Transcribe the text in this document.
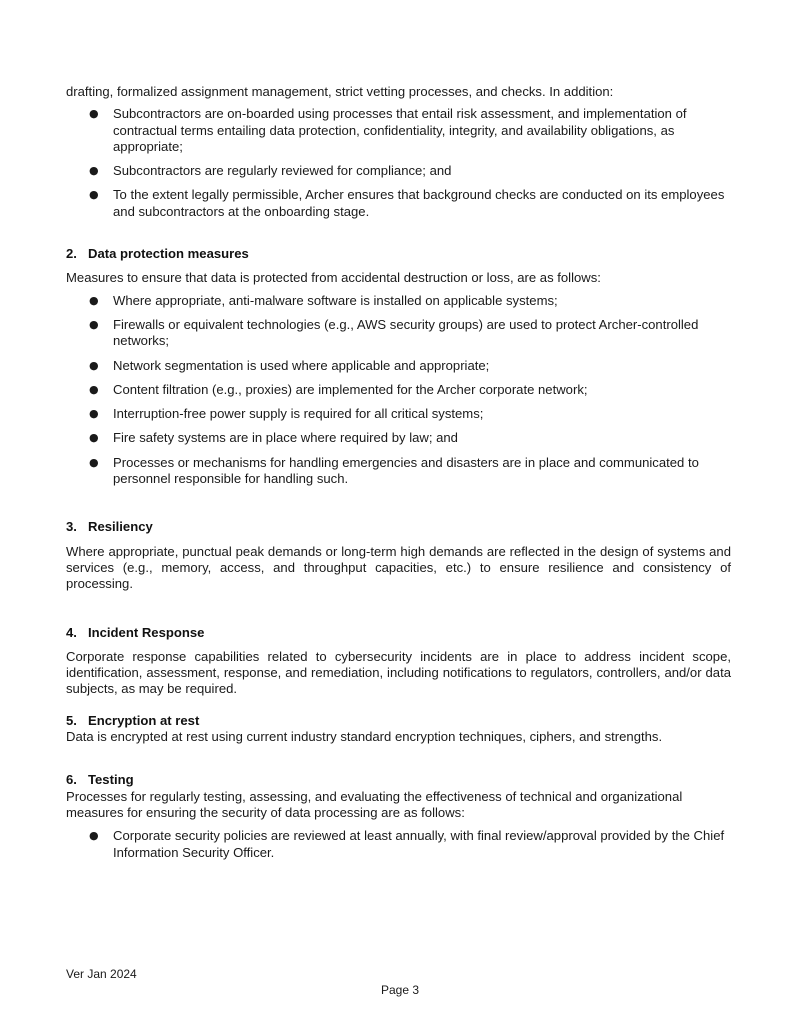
drafting, formalized assignment management, strict vetting processes, and checks. In addition:

● Subcontractors are on-boarded using processes that entail risk assessment, and implementation of contractual terms entailing data protection, confidentiality, integrity, and availability obligations, as appropriate;
● Subcontractors are regularly reviewed for compliance; and
● To the extent legally permissible, Archer ensures that background checks are conducted on its employees and subcontractors at the onboarding stage.
2. Data protection measures

Measures to ensure that data is protected from accidental destruction or loss, are as follows:

● Where appropriate, anti-malware software is installed on applicable systems;
● Firewalls or equivalent technologies (e.g., AWS security groups) are used to protect Archer-controlled networks;
● Network segmentation is used where applicable and appropriate;
● Content filtration (e.g., proxies) are implemented for the Archer corporate network;
● Interruption-free power supply is required for all critical systems;
● Fire safety systems are in place where required by law; and
● Processes or mechanisms for handling emergencies and disasters are in place and communicated to personnel responsible for handling such.
3. Resiliency

Where appropriate, punctual peak demands or long-term high demands are reflected in the design of systems and services (e.g., memory, access, and throughput capacities, etc.) to ensure resilience and consistency of processing.

4. Incident Response

Corporate response capabilities related to cybersecurity incidents are in place to address incident scope, identification, assessment, response, and remediation, including notifications to regulators, controllers, and/or data subjects, as may be required.

5. Encryption at rest

Data is encrypted at rest using current industry standard encryption techniques, ciphers, and strengths.

6. Testing

Processes for regularly testing, assessing, and evaluating the effectiveness of technical and organizational measures for ensuring the security of data processing are as follows:

● Corporate security policies are reviewed at least annually, with final review/approval provided by the Chief Information Security Officer.
Ver Jan 2024
Page 3
